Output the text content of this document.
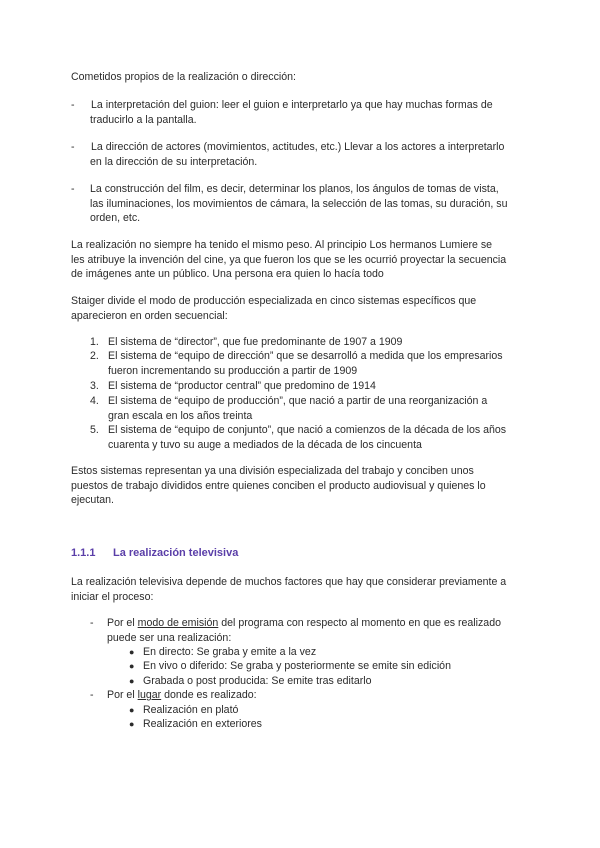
Cometidos propios de la realización o dirección:
- La interpretación del guion: leer el guion e interpretarlo ya que hay muchas formas de
traducirlo a la pantalla.
- La dirección de actores (movimientos, actitudes, etc.) Llevar a los actores a interpretarlo
en la dirección de su interpretación.
- La construcción del film, es decir, determinar los planos, los ángulos de tomas de vista,
las iluminaciones, los movimientos de cámara, la selección de las tomas, su duración, su
orden, etc.
La realización no siempre ha tenido el mismo peso. Al principio Los hermanos Lumiere se
les atribuye la invención del cine, ya que fueron los que se les ocurrió proyectar la secuencia
de imágenes ante un público. Una persona era quien lo hacía todo
Staiger divide el modo de producción especializada en cinco sistemas específicos que
aparecieron en orden secuencial:
1. El sistema de “director”, que fue predominante de 1907 a 1909
2. El sistema de “equipo de dirección” que se desarrolló a medida que los empresarios
fueron incrementando su producción a partir de 1909
3. El sistema de “productor central” que predomino de 1914
4. El sistema de “equipo de producción”, que nació a partir de una reorganización a
gran escala en los años treinta
5. El sistema de “equipo de conjunto”, que nació a comienzos de la década de los años
cuarenta y tuvo su auge a mediados de la década de los cincuenta
Estos sistemas representan ya una división especializada del trabajo y conciben unos
puestos de trabajo divididos entre quienes conciben el producto audiovisual y quienes lo
ejecutan.
1.1.1 La realización televisiva
La realización televisiva depende de muchos factores que hay que considerar previamente a
iniciar el proceso:
- Por el modo de emisión del programa con respecto al momento en que es realizado
puede ser una realización:
● En directo: Se graba y emite a la vez
● En vivo o diferido: Se graba y posteriormente se emite sin edición
● Grabada o post producida: Se emite tras editarlo
- Por el lugar donde es realizado:
● Realización en plató
● Realización en exteriores
